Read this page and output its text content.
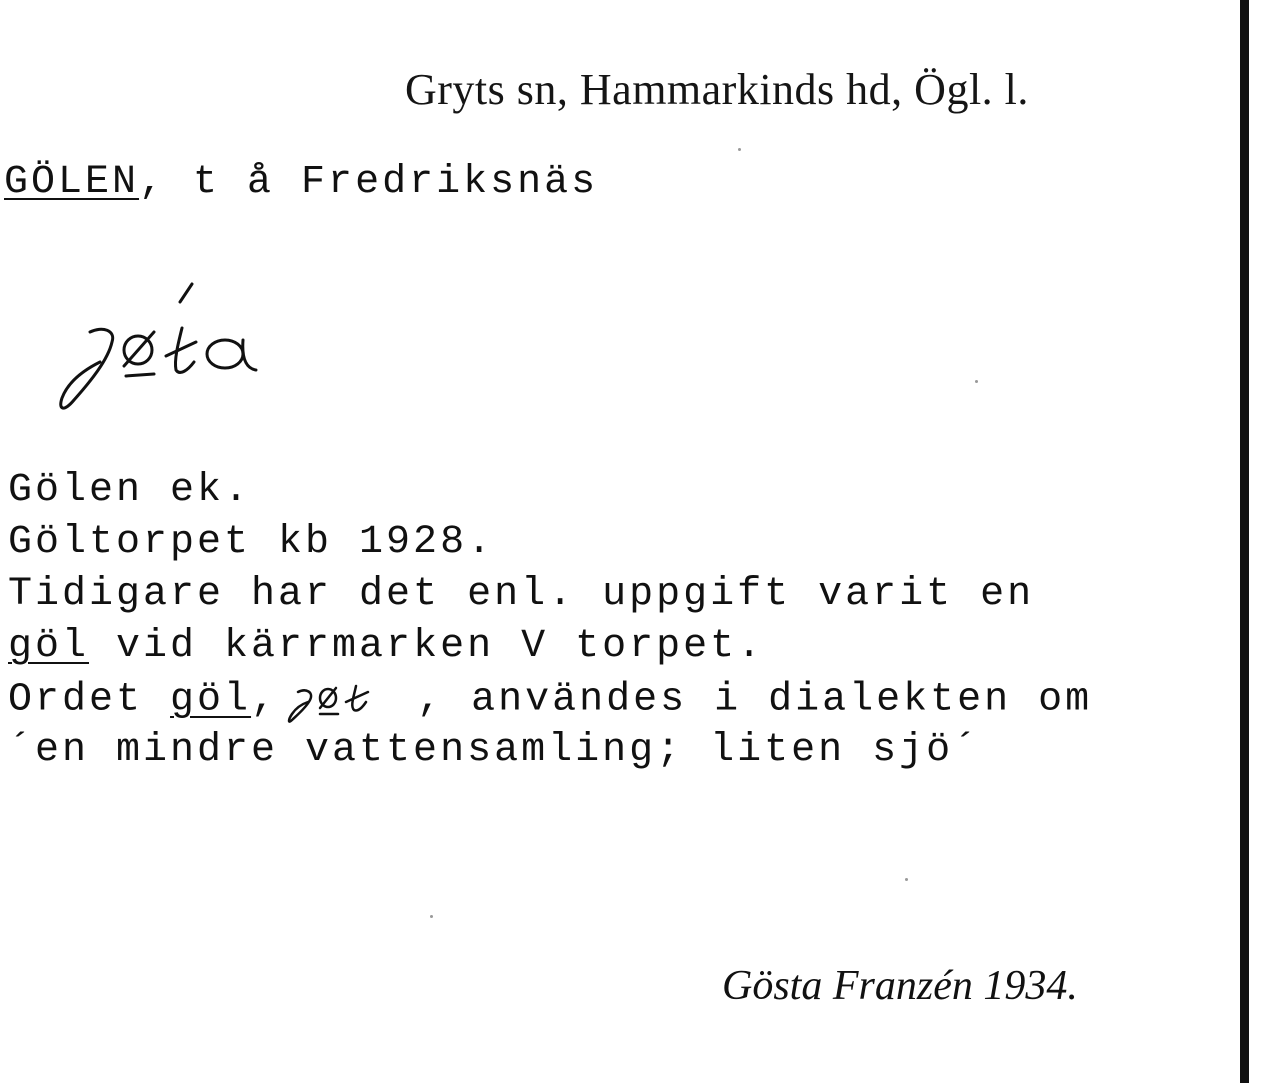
Gryts sn, Hammarkinds hd, Ögl. l.
GÖLEN, t å Fredriksnäs
Gölen ek.
Göltorpet kb 1928.
Tidigare har det enl. uppgift varit en
göl vid kärrmarken V torpet.
Ordet göl,	, användes i dialekten om
´en mindre vattensamling; liten sjö´
Gösta Franzén 1934.
